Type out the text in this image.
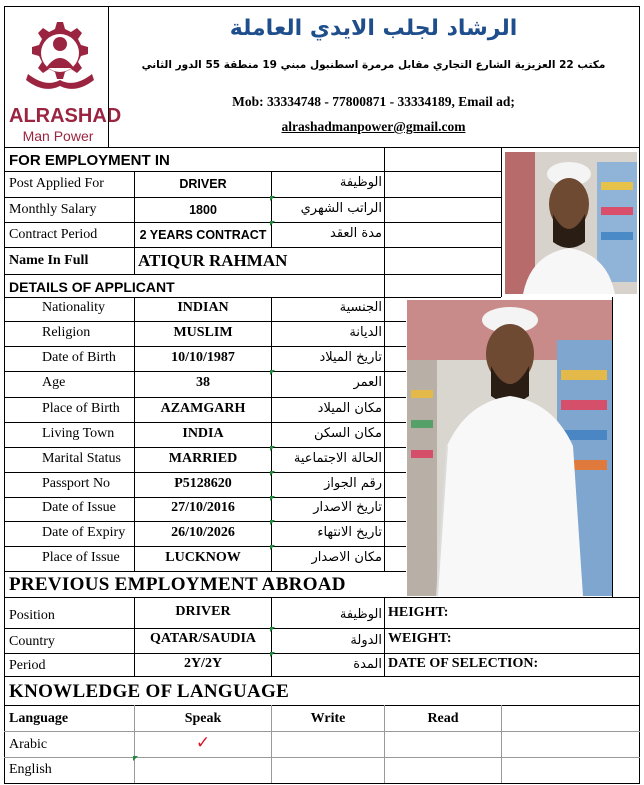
ALRASHAD
Man Power
الرشاد لجلب الايدي العاملة
مكتب 22 العزيزية الشارع التجاري مقابل مرمرة اسطنبول مبني 19 منطقة 55 الدور الثاني
Mob: 33334748 - 77800871 - 33334189, Email ad;
alrashadmanpower@gmail.com
FOR EMPLOYMENT IN
Post Applied For	DRIVER	الوظيفة
Monthly Salary	1800	الراتب الشهري
Contract Period	2 YEARS CONTRACT	مدة العقد
Name In Full	ATIQUR RAHMAN
DETAILS OF APPLICANT
Nationality	INDIAN	الجنسية
Religion	MUSLIM	الديانة
Date of Birth	10/10/1987	تاريخ الميلاد
Age	38	العمر
Place of Birth	AZAMGARH	مكان الميلاد
Living Town	INDIA	مكان السكن
Marital Status	MARRIED	الحالة الاجتماعية
Passport No	P5128620	رقم الجواز
Date of Issue	27/10/2016	تاريخ الاصدار
Date of Expiry	26/10/2026	تاريخ الانتهاء
Place of Issue	LUCKNOW	مكان الاصدار
PREVIOUS EMPLOYMENT ABROAD
Position	DRIVER	الوظيفة HEIGHT:
Country	QATAR/SAUDIA	الدولة WEIGHT:
Period	2Y/2Y	المدة DATE OF SELECTION:
KNOWLEDGE OF LANGUAGE
Language	Speak	Write	Read
Arabic	✓
English
